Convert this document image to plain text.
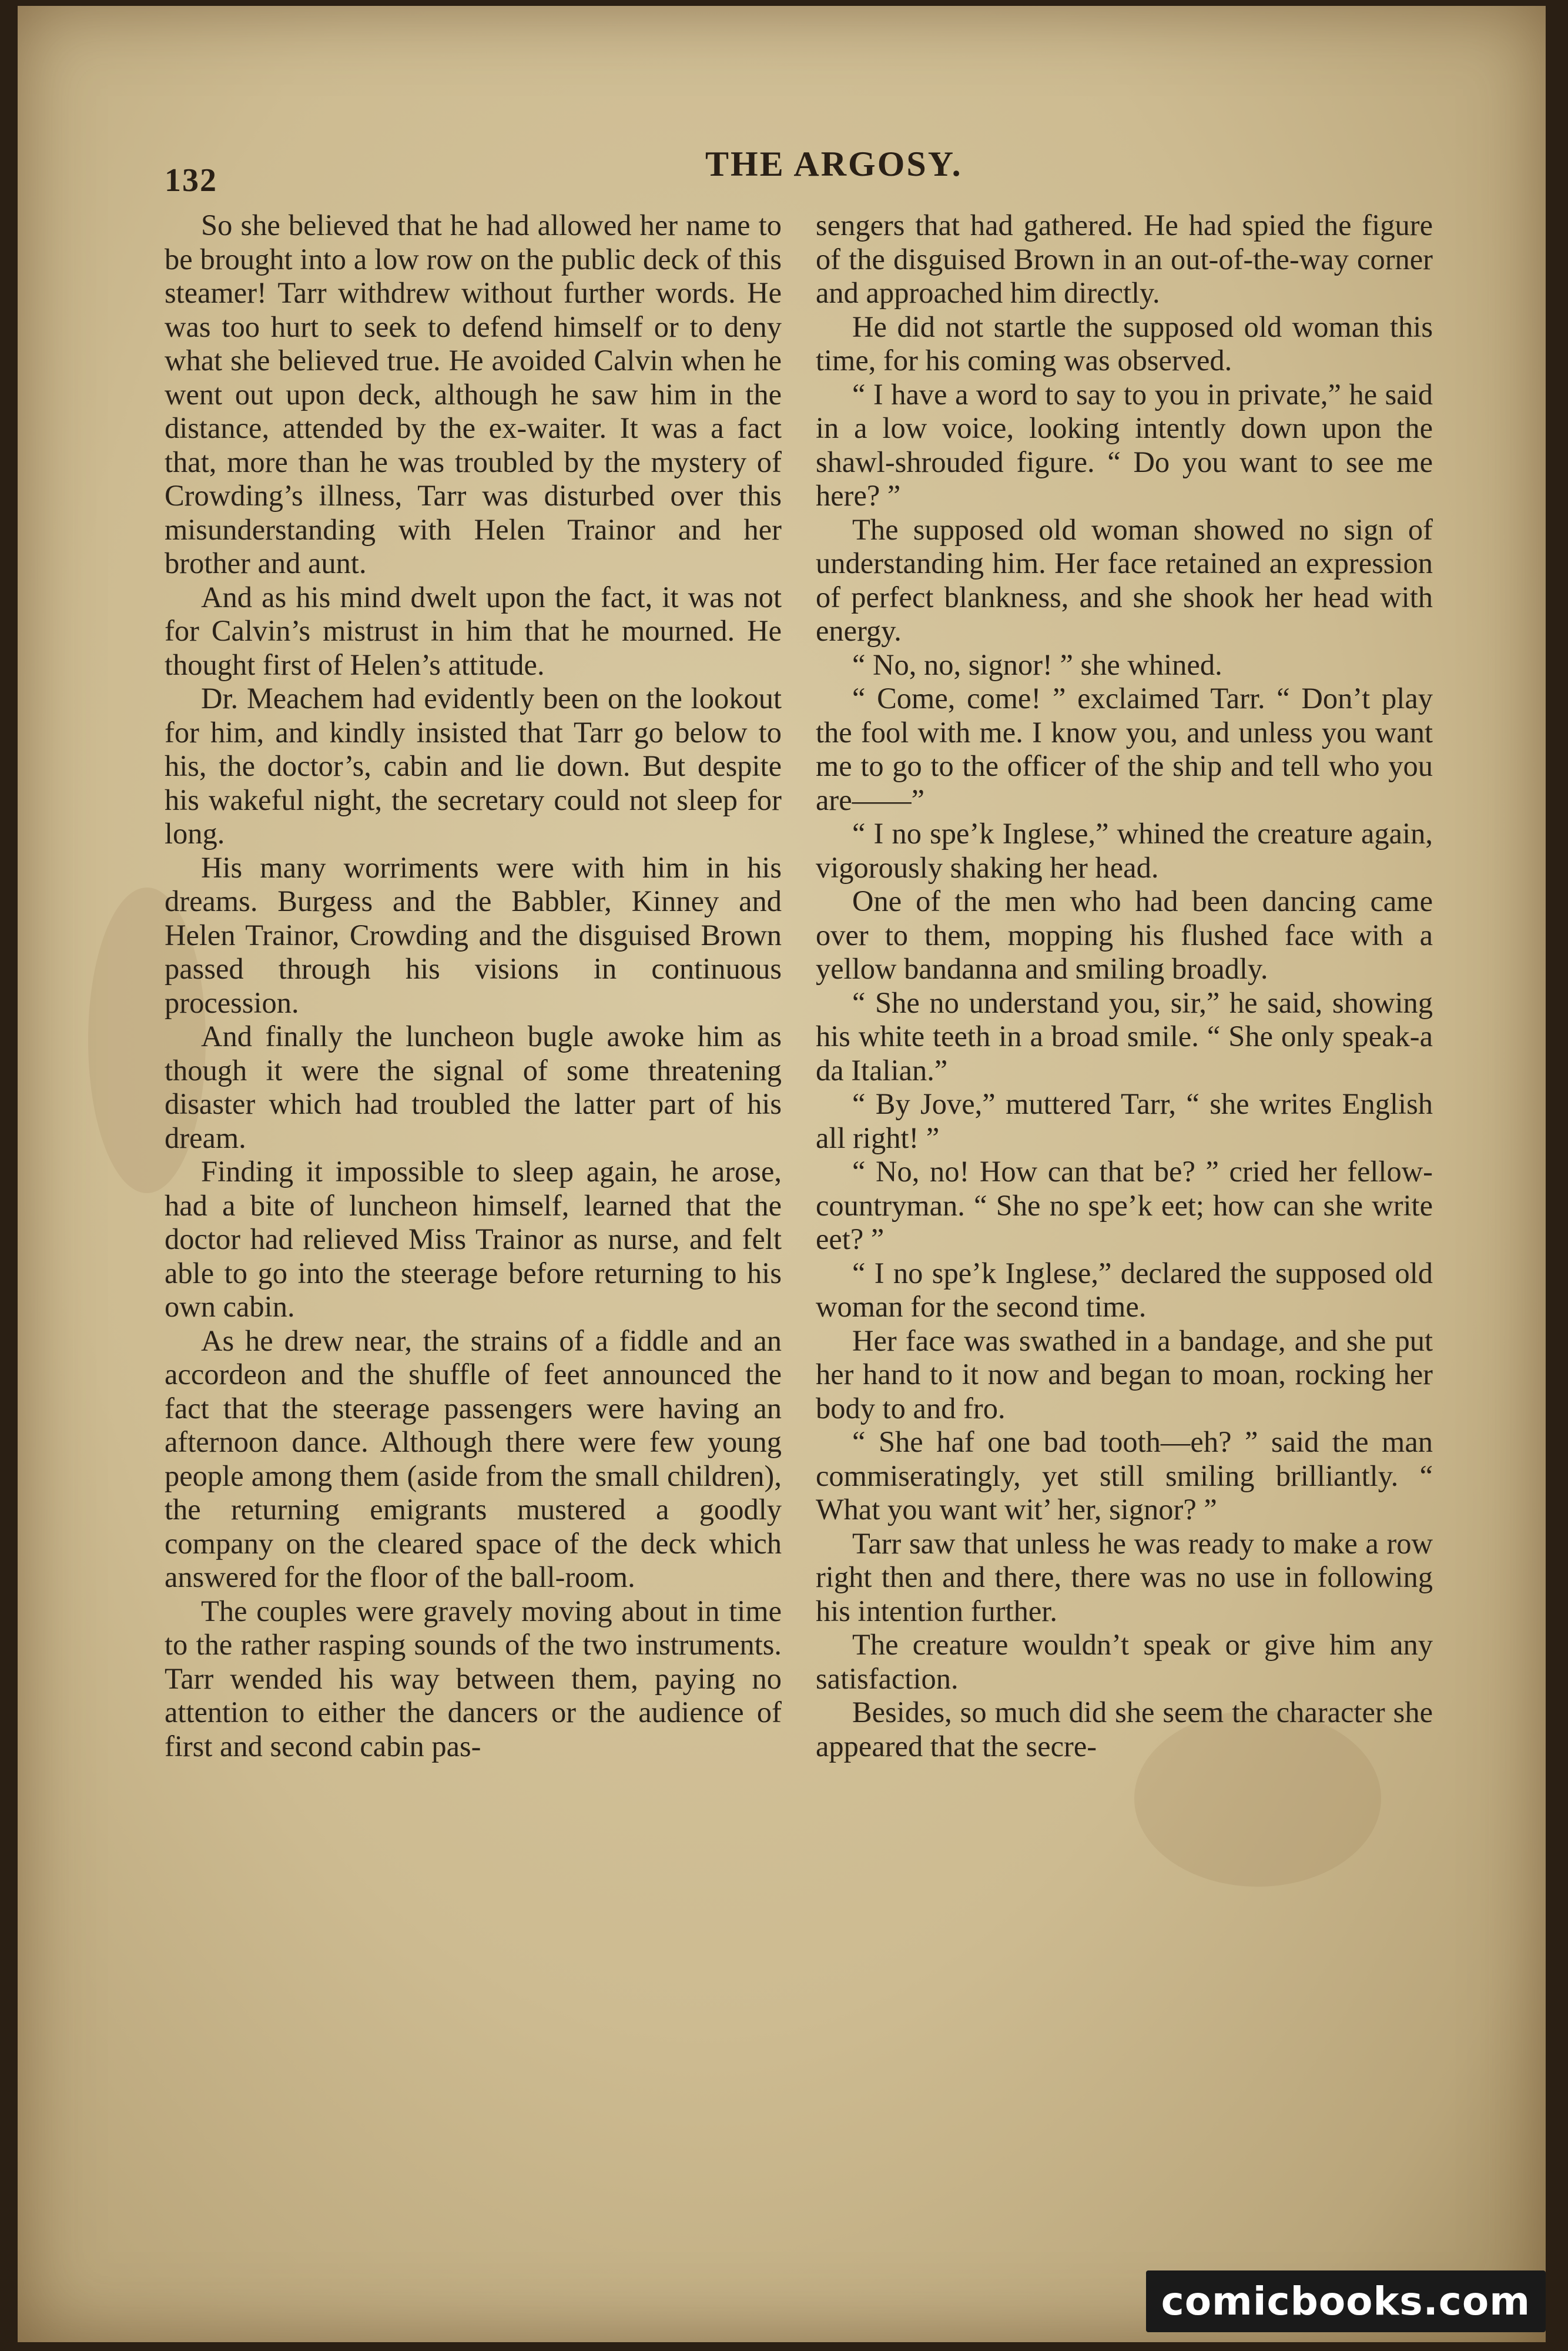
132	THE ARGOSY.

So she believed that he had allowed her name to be brought into a low row on the public deck of this steamer! Tarr withdrew without further words. He was too hurt to seek to defend himself or to deny what she believed true. He avoided Calvin when he went out upon deck, although he saw him in the distance, attended by the ex-waiter. It was a fact that, more than he was troubled by the mystery of Crowding’s illness, Tarr was disturbed over this misunderstanding with Helen Trainor and her brother and aunt.

And as his mind dwelt upon the fact, it was not for Calvin’s mistrust in him that he mourned. He thought first of Helen’s attitude.

Dr. Meachem had evidently been on the lookout for him, and kindly insisted that Tarr go below to his, the doctor’s, cabin and lie down. But despite his wakeful night, the secretary could not sleep for long.

His many worriments were with him in his dreams. Burgess and the Babbler, Kinney and Helen Trainor, Crowding and the disguised Brown passed through his visions in continuous procession.

And finally the luncheon bugle awoke him as though it were the signal of some threatening disaster which had troubled the latter part of his dream.

Finding it impossible to sleep again, he arose, had a bite of luncheon himself, learned that the doctor had relieved Miss Trainor as nurse, and felt able to go into the steerage before returning to his own cabin.

As he drew near, the strains of a fiddle and an accordeon and the shuffle of feet announced the fact that the steerage passengers were having an afternoon dance. Although there were few young people among them (aside from the small children), the returning emigrants mustered a goodly company on the cleared space of the deck which answered for the floor of the ball-room.

The couples were gravely moving about in time to the rather rasping sounds of the two instruments. Tarr wended his way between them, paying no attention to either the dancers or the audience of first and second cabin pas-

sengers that had gathered. He had spied the figure of the disguised Brown in an out-of-the-way corner and approached him directly.

He did not startle the supposed old woman this time, for his coming was observed.

“ I have a word to say to you in private,” he said in a low voice, looking intently down upon the shawl-shrouded figure. “ Do you want to see me here? ”

The supposed old woman showed no sign of understanding him. Her face retained an expression of perfect blankness, and she shook her head with energy.

“ No, no, signor! ” she whined.

“ Come, come! ” exclaimed Tarr. “ Don’t play the fool with me. I know you, and unless you want me to go to the officer of the ship and tell who you are——”

“ I no spe’k Inglese,” whined the creature again, vigorously shaking her head.

One of the men who had been dancing came over to them, mopping his flushed face with a yellow bandanna and smiling broadly.

“ She no understand you, sir,” he said, showing his white teeth in a broad smile. “ She only speak-a da Italian.”

“ By Jove,” muttered Tarr, “ she writes English all right! ”

“ No, no! How can that be? ” cried her fellow-countryman. “ She no spe’k eet; how can she write eet? ”

“ I no spe’k Inglese,” declared the supposed old woman for the second time.

Her face was swathed in a bandage, and she put her hand to it now and began to moan, rocking her body to and fro.

“ She haf one bad tooth—eh? ” said the man commiseratingly, yet still smiling brilliantly. “ What you want wit’ her, signor? ”

Tarr saw that unless he was ready to make a row right then and there, there was no use in following his intention further.

The creature wouldn’t speak or give him any satisfaction.

Besides, so much did she seem the character she appeared that the secre-

comicbooks.com
